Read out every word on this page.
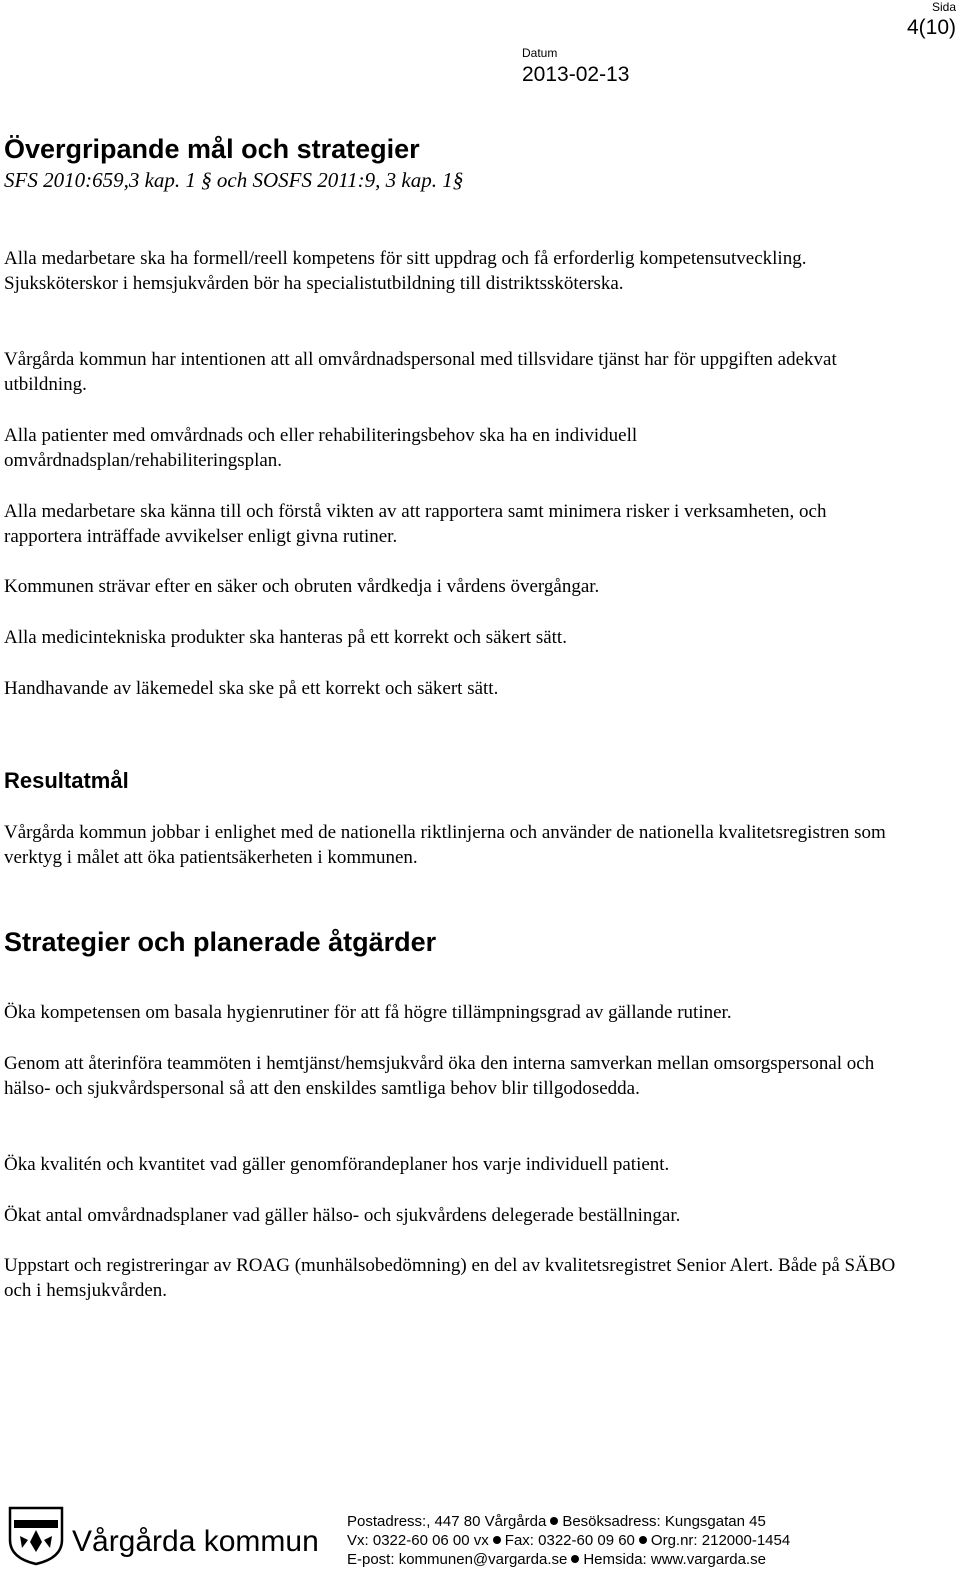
Sida
4(10)
Datum
2013-02-13
Övergripande mål och strategier
SFS 2010:659,3 kap. 1 § och SOSFS 2011:9, 3 kap. 1§

Alla medarbetare ska ha formell/reell kompetens för sitt uppdrag och få erforderlig kompetensutveckling. Sjuksköterskor i hemsjukvården bör ha specialistutbildning till distriktssköterska.

Vårgårda kommun har intentionen att all omvårdnadspersonal med tillsvidare tjänst har för uppgiften adekvat utbildning.

Alla patienter med omvårdnads och eller rehabiliteringsbehov ska ha en individuell omvårdnadsplan/rehabiliteringsplan.

Alla medarbetare ska känna till och förstå vikten av att rapportera samt minimera risker i verksamheten, och rapportera inträffade avvikelser enligt givna rutiner.

Kommunen strävar efter en säker och obruten vårdkedja i vårdens övergångar.

Alla medicintekniska produkter ska hanteras på ett korrekt och säkert sätt.

Handhavande av läkemedel ska ske på ett korrekt och säkert sätt.

Resultatmål

Vårgårda kommun jobbar i enlighet med de nationella riktlinjerna och använder de nationella kvalitetsregistren som verktyg i målet att öka patientsäkerheten i kommunen.

Strategier och planerade åtgärder

Öka kompetensen om basala hygienrutiner för att få högre tillämpningsgrad av gällande rutiner.

Genom att återinföra teammöten i hemtjänst/hemsjukvård öka den interna samverkan mellan omsorgspersonal och hälso- och sjukvårdspersonal så att den enskildes samtliga behov blir tillgodosedda.

Öka kvalitén och kvantitet vad gäller genomförandeplaner hos varje individuell patient.

Ökat antal omvårdnadsplaner vad gäller hälso- och sjukvårdens delegerade beställningar.

Uppstart och registreringar av ROAG (munhälsobedömning) en del av kvalitetsregistret Senior Alert. Både på SÄBO och i hemsjukvården.

Vårgårda kommun
Postadress:, 447 80 Vårgårda Besöksadress: Kungsgatan 45
Vx: 0322-60 06 00 vx Fax: 0322-60 09 60 Org.nr: 212000-1454
E-post: kommunen@vargarda.se Hemsida: www.vargarda.se
